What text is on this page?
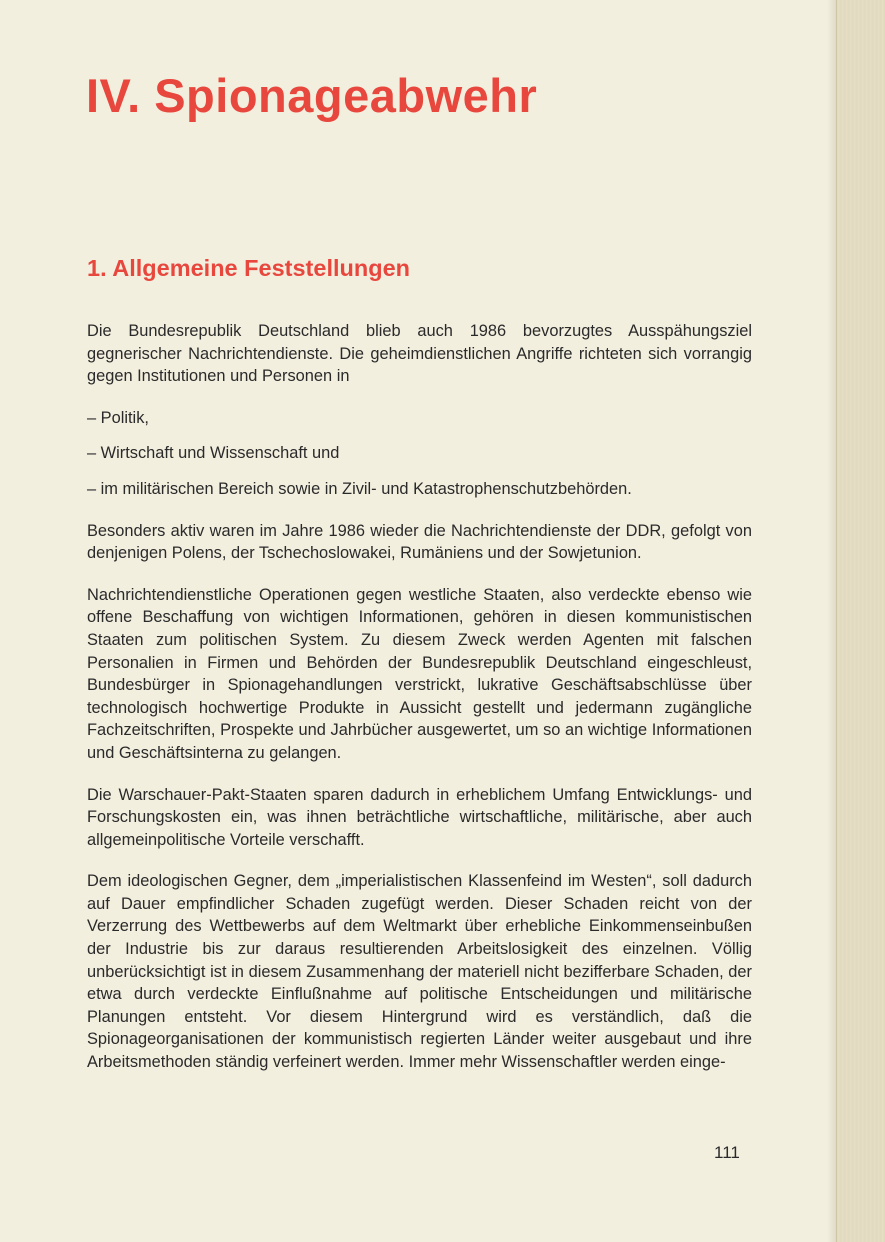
IV. Spionageabwehr
1. Allgemeine Feststellungen

Die Bundesrepublik Deutschland blieb auch 1986 bevorzugtes Ausspähungsziel gegnerischer Nachrichtendienste. Die geheimdienstlichen Angriffe richteten sich vorrangig gegen Institutionen und Personen in

– Politik,
– Wirtschaft und Wissenschaft und
– im militärischen Bereich sowie in Zivil- und Katastrophenschutzbehörden.

Besonders aktiv waren im Jahre 1986 wieder die Nachrichtendienste der DDR, gefolgt von denjenigen Polens, der Tschechoslowakei, Rumäniens und der Sowjetunion.

Nachrichtendienstliche Operationen gegen westliche Staaten, also verdeckte ebenso wie offene Beschaffung von wichtigen Informationen, gehören in diesen kommunistischen Staaten zum politischen System. Zu diesem Zweck werden Agenten mit falschen Personalien in Firmen und Behörden der Bundesrepublik Deutschland eingeschleust, Bundesbürger in Spionagehandlungen verstrickt, lukrative Geschäftsabschlüsse über technologisch hochwertige Produkte in Aussicht gestellt und jedermann zugängliche Fachzeitschriften, Prospekte und Jahrbücher ausgewertet, um so an wichtige Informationen und Geschäftsinterna zu gelangen.

Die Warschauer-Pakt-Staaten sparen dadurch in erheblichem Umfang Entwicklungs- und Forschungskosten ein, was ihnen beträchtliche wirtschaftliche, militärische, aber auch allgemeinpolitische Vorteile verschafft.

Dem ideologischen Gegner, dem „imperialistischen Klassenfeind im Westen“, soll dadurch auf Dauer empfindlicher Schaden zugefügt werden. Dieser Schaden reicht von der Verzerrung des Wettbewerbs auf dem Weltmarkt über erhebliche Einkommenseinbußen der Industrie bis zur daraus resultierenden Arbeitslosigkeit des einzelnen. Völlig unberücksichtigt ist in diesem Zusammenhang der materiell nicht bezifferbare Schaden, der etwa durch verdeckte Einflußnahme auf politische Entscheidungen und militärische Planungen entsteht. Vor diesem Hintergrund wird es verständlich, daß die Spionageorganisationen der kommunistisch regierten Länder weiter ausgebaut und ihre Arbeitsmethoden ständig verfeinert werden. Immer mehr Wissenschaftler werden einge-

111
